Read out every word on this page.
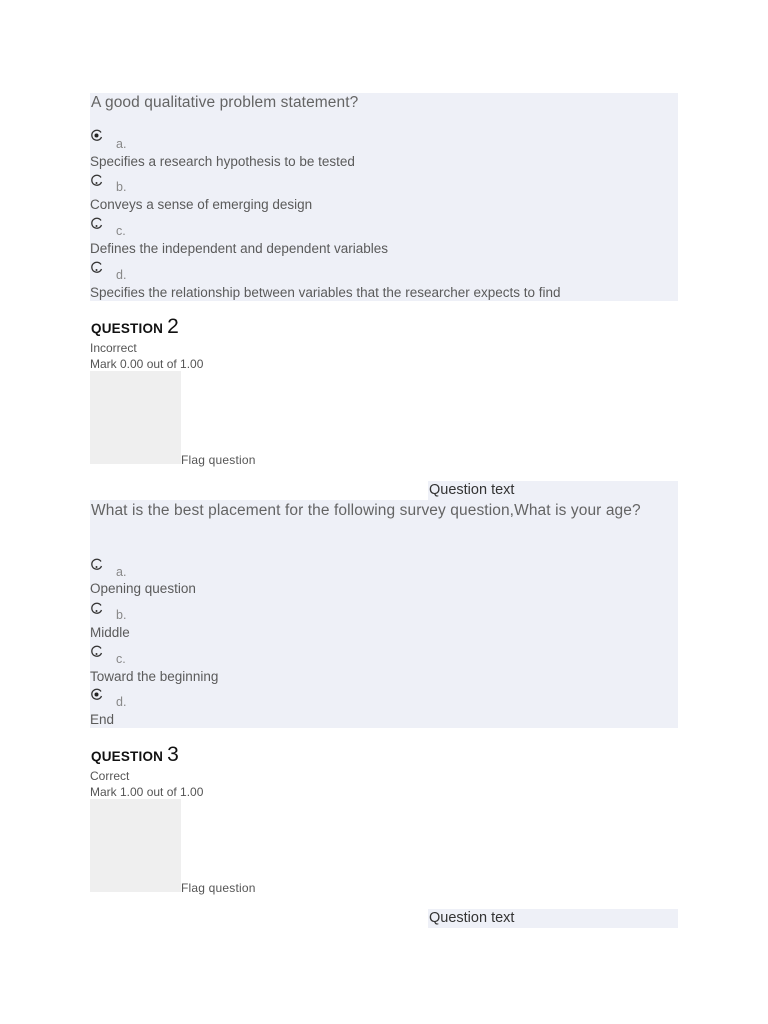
A good qualitative problem statement?
a.
Specifies a research hypothesis to be tested
b.
Conveys a sense of emerging design
c.
Defines the independent and dependent variables
d.
Specifies the relationship between variables that the researcher expects to find
QUESTION 2
Incorrect
Mark 0.00 out of 1.00
Flag question
Question text
What is the best placement for the following survey question,What is your age?
a.
Opening question
b.
Middle
c.
Toward the beginning
d.
End
QUESTION 3
Correct
Mark 1.00 out of 1.00
Flag question
Question text
